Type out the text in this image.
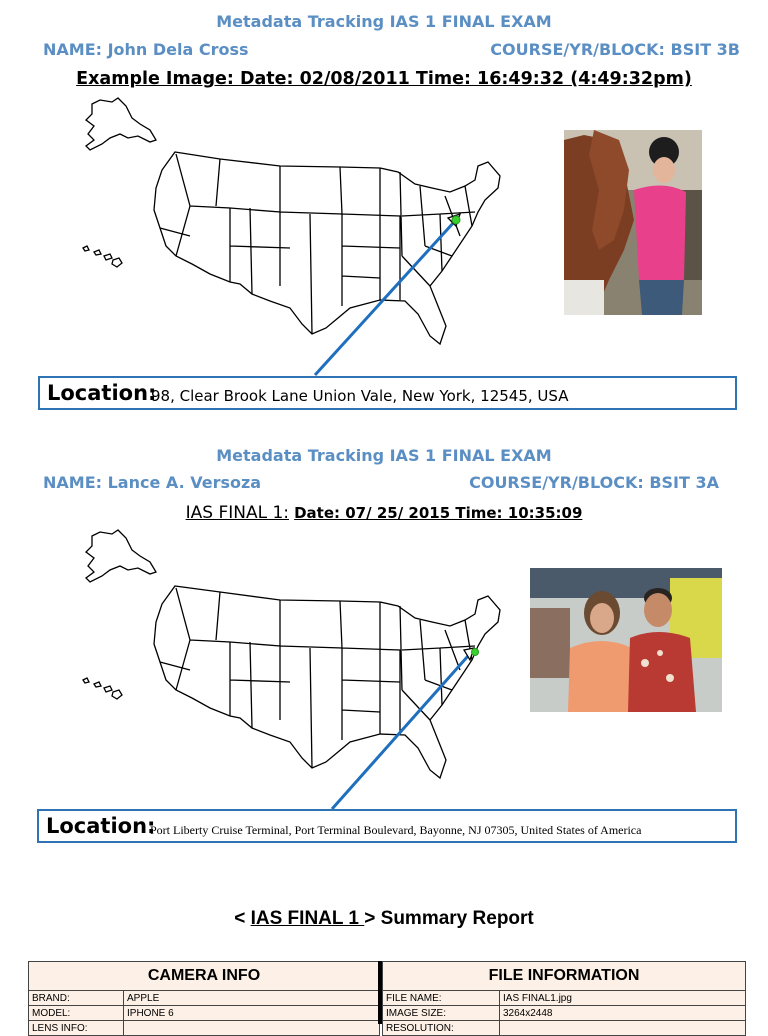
Metadata Tracking IAS 1 FINAL EXAM
NAME: John Dela Cross	COURSE/YR/BLOCK: BSIT 3B
Example Image: Date: 02/08/2011 Time: 16:49:32 (4:49:32pm)
Location:
98, Clear Brook Lane Union Vale, New York, 12545, USA
Metadata Tracking IAS 1 FINAL EXAM
NAME: Lance A. Versoza	COURSE/YR/BLOCK: BSIT 3A
IAS FINAL 1: Date: 07/ 25/ 2015 Time: 10:35:09
Location:
Port Liberty Cruise Terminal, Port Terminal Boulevard, Bayonne, NJ 07305, United States of America
< IAS FINAL 1 > Summary Report
CAMERA INFO	
BRAND:	APPLE
MODEL:	IPHONE 6
LENS INFO:	
FILE INFORMATION	
FILE NAME:	IAS FINAL1.jpg
IMAGE SIZE:	3264x2448
RESOLUTION:	
